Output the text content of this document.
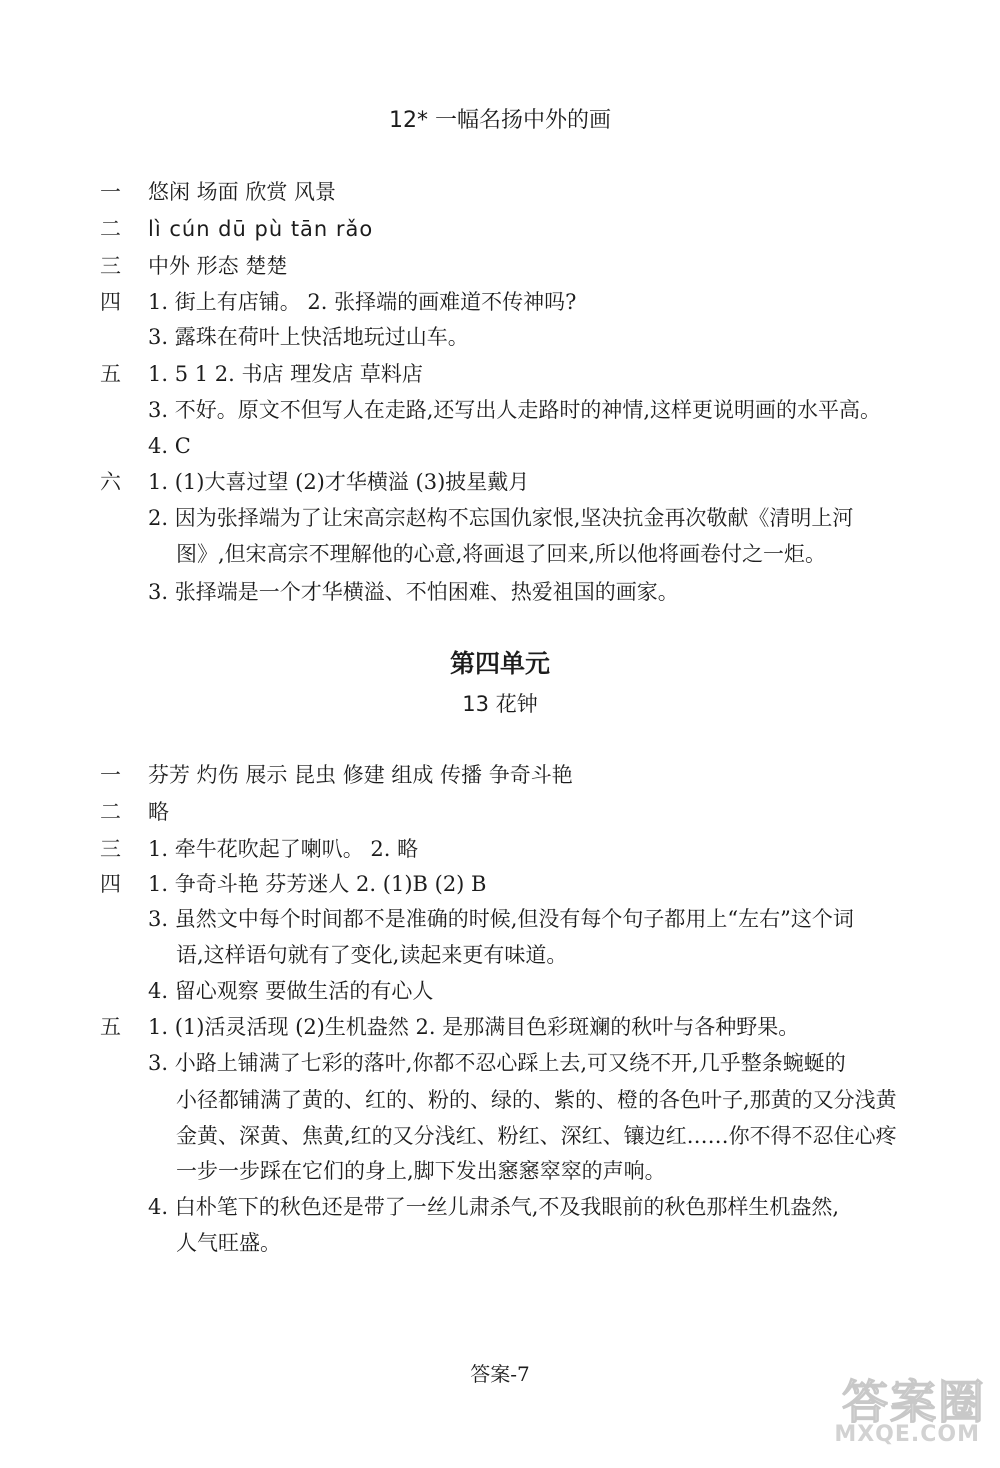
12* 一幅名扬中外的画
一	悠闲 场面 欣赏 风景
二	lì cún dū pù tān rǎo
三	中外 形态 楚楚
四	1. 街上有店铺。 2. 张择端的画难道不传神吗?
3. 露珠在荷叶上快活地玩过山车。
五	1. 5 1 2. 书店 理发店 草料店
3. 不好。原文不但写人在走路,还写出人走路时的神情,这样更说明画的水平高。
4. C
六	1. (1)大喜过望 (2)才华横溢 (3)披星戴月
2. 因为张择端为了让宋高宗赵构不忘国仇家恨,坚决抗金再次敬献《清明上河
图》,但宋高宗不理解他的心意,将画退了回来,所以他将画卷付之一炬。
3. 张择端是一个才华横溢、不怕困难、热爱祖国的画家。
第四单元
13 花钟
一	芬芳 灼伤 展示 昆虫 修建 组成 传播 争奇斗艳
二	略
三	1. 牵牛花吹起了喇叭。 2. 略
四	1. 争奇斗艳 芬芳迷人 2. (1)B (2) B
3. 虽然文中每个时间都不是准确的时候,但没有每个句子都用上“左右”这个词
语,这样语句就有了变化,读起来更有味道。
4. 留心观察 要做生活的有心人
五	1. (1)活灵活现 (2)生机盎然 2. 是那满目色彩斑斓的秋叶与各种野果。
3. 小路上铺满了七彩的落叶,你都不忍心踩上去,可又绕不开,几乎整条蜿蜒的
小径都铺满了黄的、红的、粉的、绿的、紫的、橙的各色叶子,那黄的又分浅黄
金黄、深黄、焦黄,红的又分浅红、粉红、深红、镶边红……你不得不忍住心疼
一步一步踩在它们的身上,脚下发出窸窸窣窣的声响。
4. 白朴笔下的秋色还是带了一丝儿肃杀气,不及我眼前的秋色那样生机盎然,
人气旺盛。
答案-7
答案圈
MXQE.COM
